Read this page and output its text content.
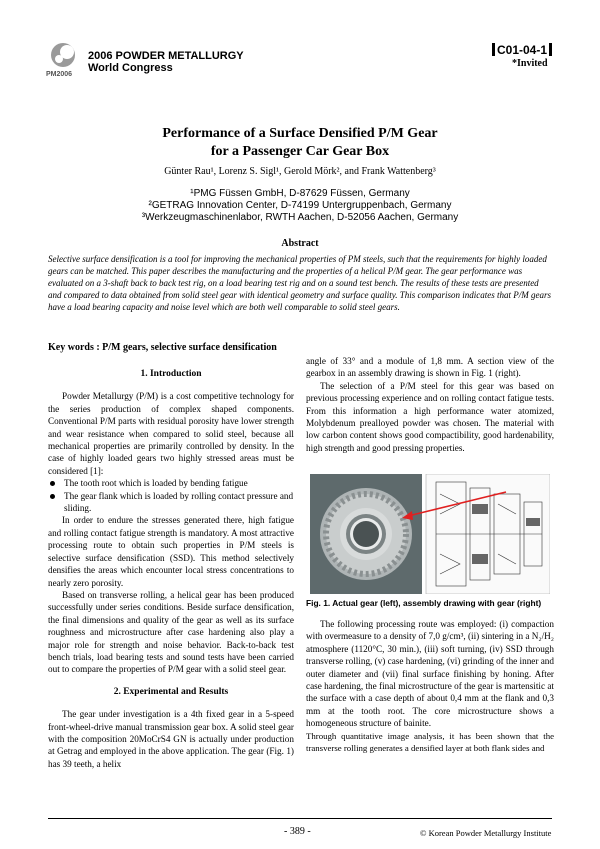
PM2006
2006 POWDER METALLURGY
World Congress
C01-04-1
*Invited
Performance of a Surface Densified P/M Gear
for a Passenger Car Gear Box
Günter Rau¹, Lorenz S. Sigl¹, Gerold Mörk², and Frank Wattenberg³
¹PMG Füssen GmbH, D-87629 Füssen, Germany
²GETRAG Innovation Center, D-74199 Untergruppenbach, Germany
³Werkzeugmaschinenlabor, RWTH Aachen, D-52056 Aachen, Germany
Abstract
Selective surface densification is a tool for improving the mechanical properties of PM steels, such that the requirements for highly loaded gears can be matched. This paper describes the manufacturing and the properties of a helical P/M gear. The gear performance was evaluated on a 3-shaft back to back test rig, on a load bearing test rig and on a sound test bench. The results of these tests are presented and compared to data obtained from solid steel gear with identical geometry and surface quality. This comparison indicates that P/M gears have a load bearing capacity and noise level which are both well comparable to solid steel gears.
Key words : P/M gears, selective surface densification
1. Introduction

Powder Metallurgy (P/M) is a cost competitive technology for the series production of complex shaped components. Conventional P/M parts with residual porosity have lower strength and wear resistance when compared to solid steel, because all mechanical properties are primarily controlled by density. In the case of highly loaded gears two highly stressed areas must be considered [1]:

The tooth root which is loaded by bending fatigue
The gear flank which is loaded by rolling contact pressure and sliding.

In order to endure the stresses generated there, high fatigue and rolling contact fatigue strength is mandatory. A most attractive processing route to obtain such properties in P/M steels is selective surface densification (SSD). This method selectively densifies the areas which encounter local stress concentrations to nearly zero porosity.

Based on transverse rolling, a helical gear has been produced successfully under series conditions. Beside surface densification, the final dimensions and quality of the gear as well as its surface roughness and microstructure after case hardening also play a major role for strength and noise behavior. Back-to-back test bench trials, load bearing tests and sound tests have been carried out to compare the properties of P/M gear with a solid steel gear.

2. Experimental and Results

The gear under investigation is a 4th fixed gear in a 5-speed front-wheel-drive manual transmission gear box. A solid steel gear with the composition 20MoCrS4 GN is actually under production at Getrag and employed in the above application. The gear (Fig. 1) has 39 teeth, a helix

angle of 33° and a module of 1,8 mm. A section view of the gearbox in an assembly drawing is shown in Fig. 1 (right).

The selection of a P/M steel for this gear was based on previous processing experience and on rolling contact fatigue tests. From this information a high performance water atomized, Molybdenum prealloyed powder was chosen. The material with low carbon content shows good compactibility, good hardenability, high strength and good pressing properties.

Fig. 1. Actual gear (left), assembly drawing with gear (right)

The following processing route was employed: (i) compaction with overmeasure to a density of 7,0 g/cm³, (ii) sintering in a N₂/H₂ atmosphere (1120°C, 30 min.), (iii) soft turning, (iv) SSD through transverse rolling, (v) case hardening, (vi) grinding of the inner and outer diameter and (vii) final surface finishing by honing. After case hardening, the final microstructure of the gear is martensitic at the surface with a case depth of about 0,4 mm at the flank and 0,3 mm at the tooth root. The core microstructure shows a homogeneous structure of bainite.

Through quantitative image analysis, it has been shown that the transverse rolling generates a densified layer at both flank sides and

- 389 -	© Korean Powder Metallurgy Institute
